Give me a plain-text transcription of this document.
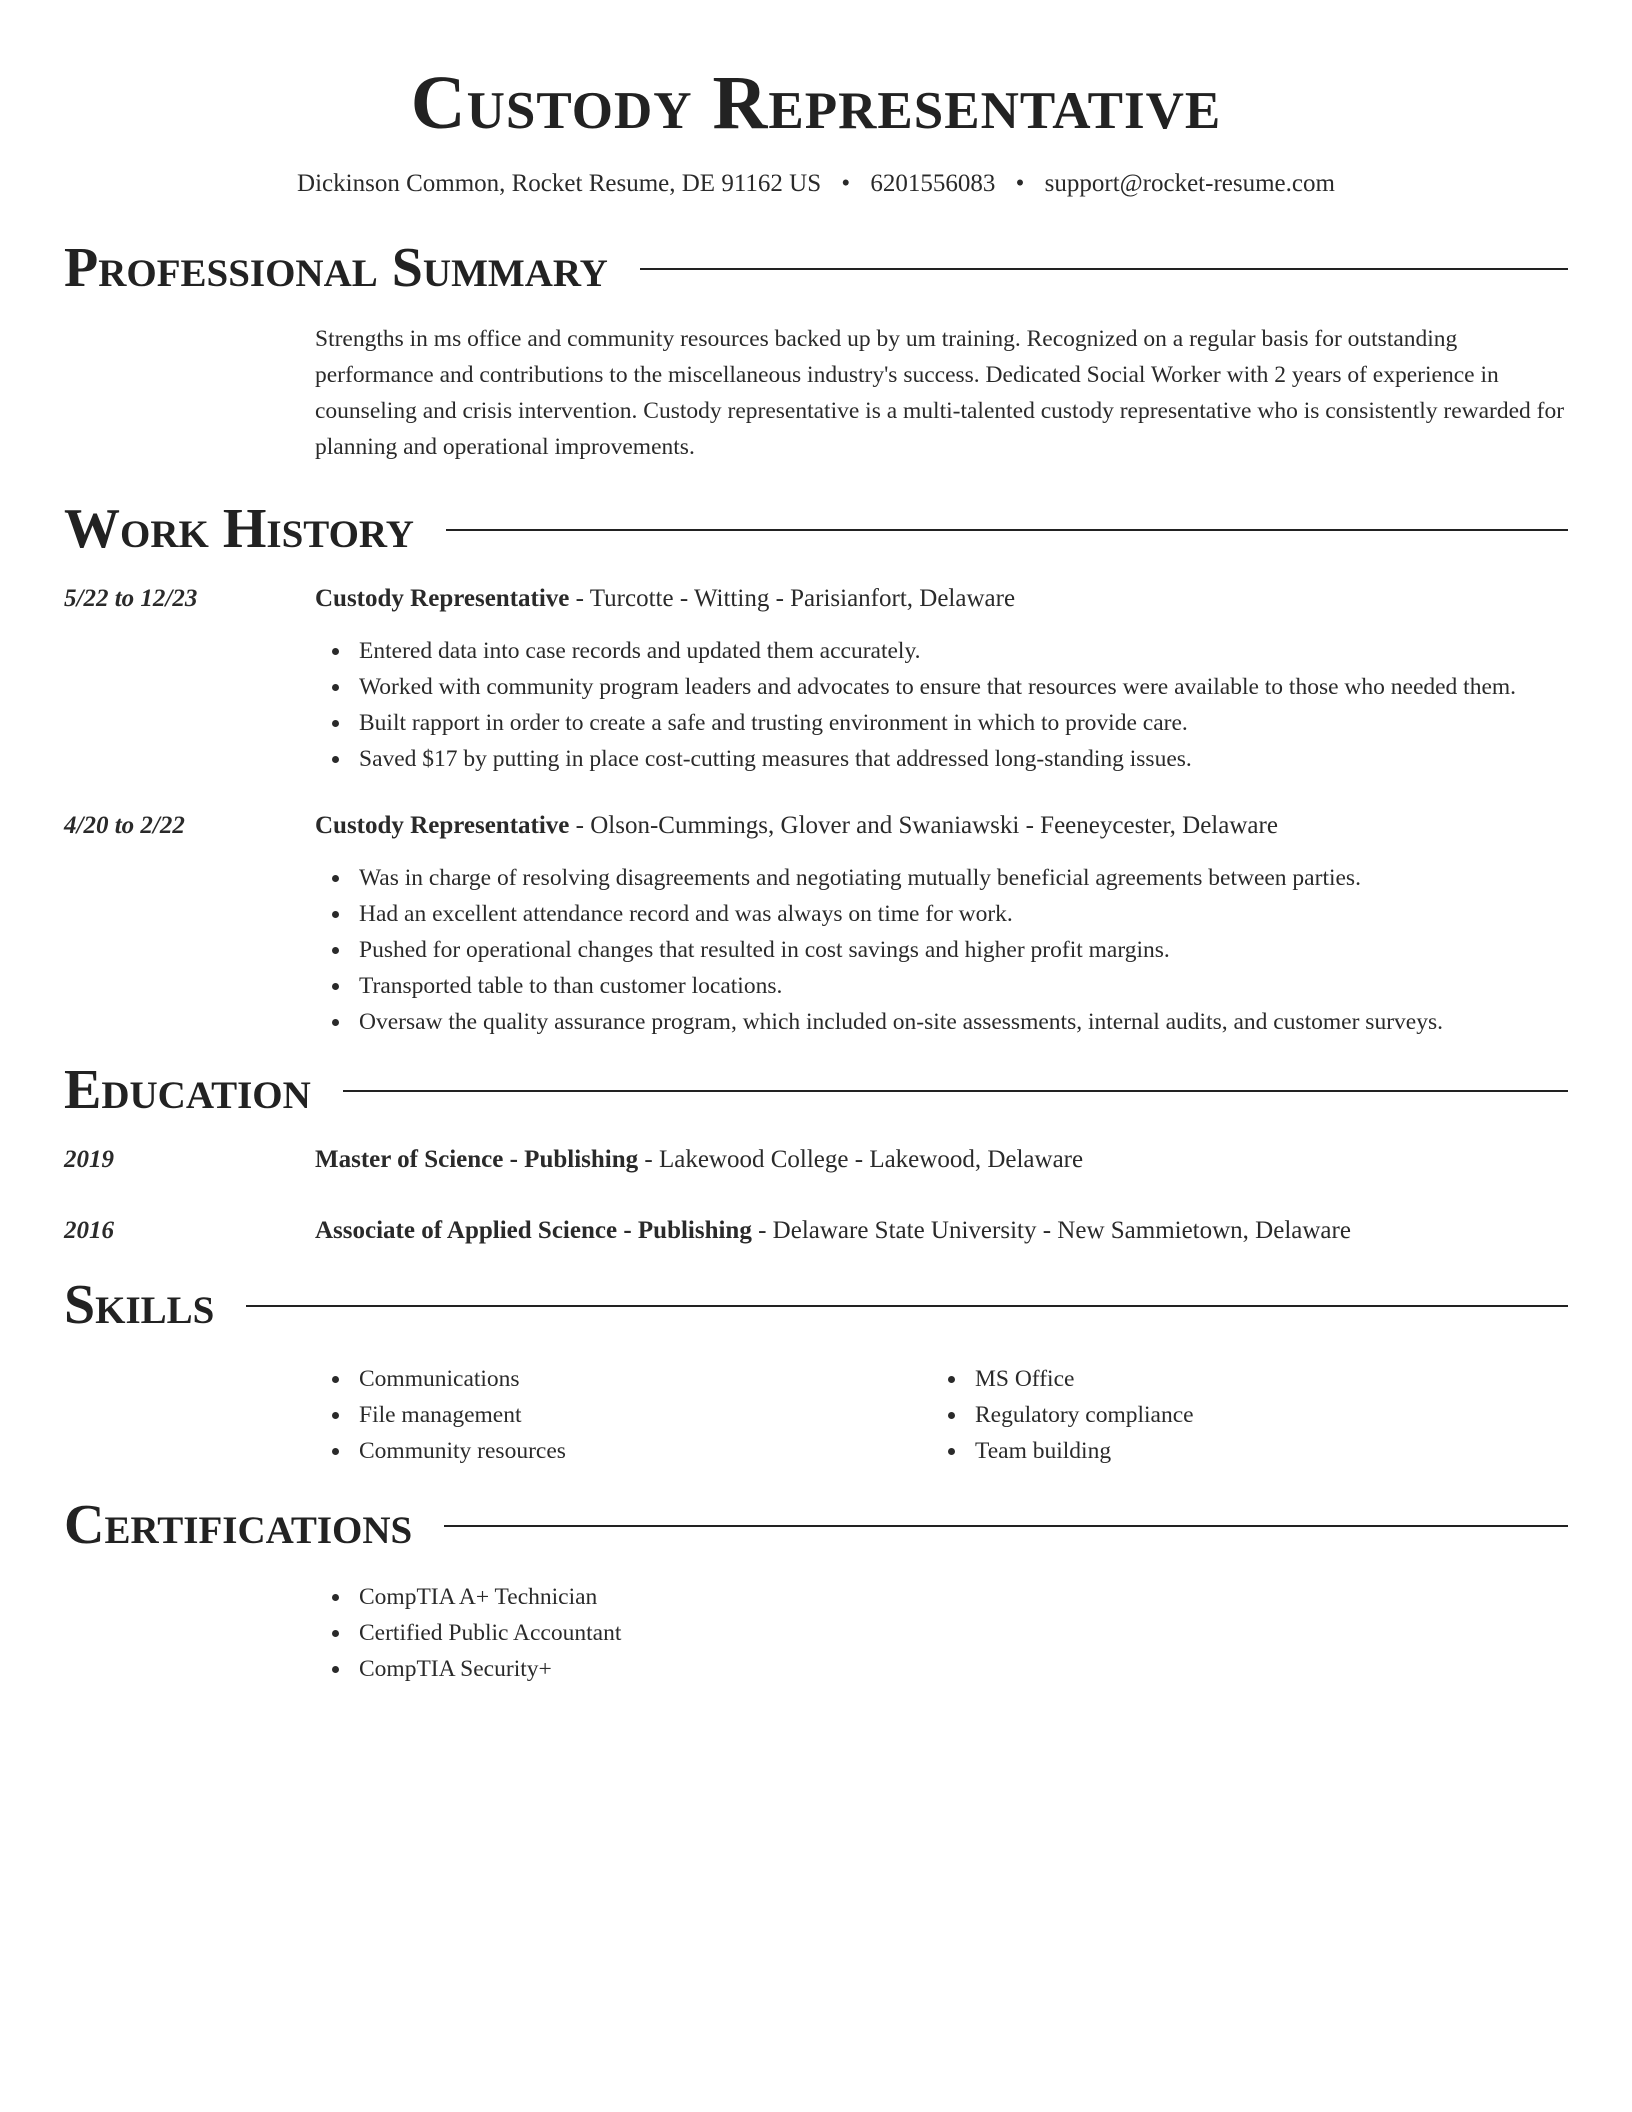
Custody Representative
Dickinson Common, Rocket Resume, DE 91162 US • 6201556083 • support@rocket-resume.com
Professional Summary
Strengths in ms office and community resources backed up by um training. Recognized on a regular basis for outstanding performance and contributions to the miscellaneous industry's success. Dedicated Social Worker with 2 years of experience in counseling and crisis intervention. Custody representative is a multi-talented custody representative who is consistently rewarded for planning and operational improvements.
Work History
5/22 to 12/23	Custody Representative - Turcotte - Witting - Parisianfort, Delaware
Entered data into case records and updated them accurately.
Worked with community program leaders and advocates to ensure that resources were available to those who needed them.
Built rapport in order to create a safe and trusting environment in which to provide care.
Saved $17 by putting in place cost-cutting measures that addressed long-standing issues.
4/20 to 2/22	Custody Representative - Olson-Cummings, Glover and Swaniawski - Feeneycester, Delaware
Was in charge of resolving disagreements and negotiating mutually beneficial agreements between parties.
Had an excellent attendance record and was always on time for work.
Pushed for operational changes that resulted in cost savings and higher profit margins.
Transported table to than customer locations.
Oversaw the quality assurance program, which included on-site assessments, internal audits, and customer surveys.
Education
2019	Master of Science - Publishing - Lakewood College - Lakewood, Delaware
2016	Associate of Applied Science - Publishing - Delaware State University - New Sammietown, Delaware
Skills
Communications
File management
Community resources
MS Office
Regulatory compliance
Team building
Certifications
CompTIA A+ Technician
Certified Public Accountant
CompTIA Security+
